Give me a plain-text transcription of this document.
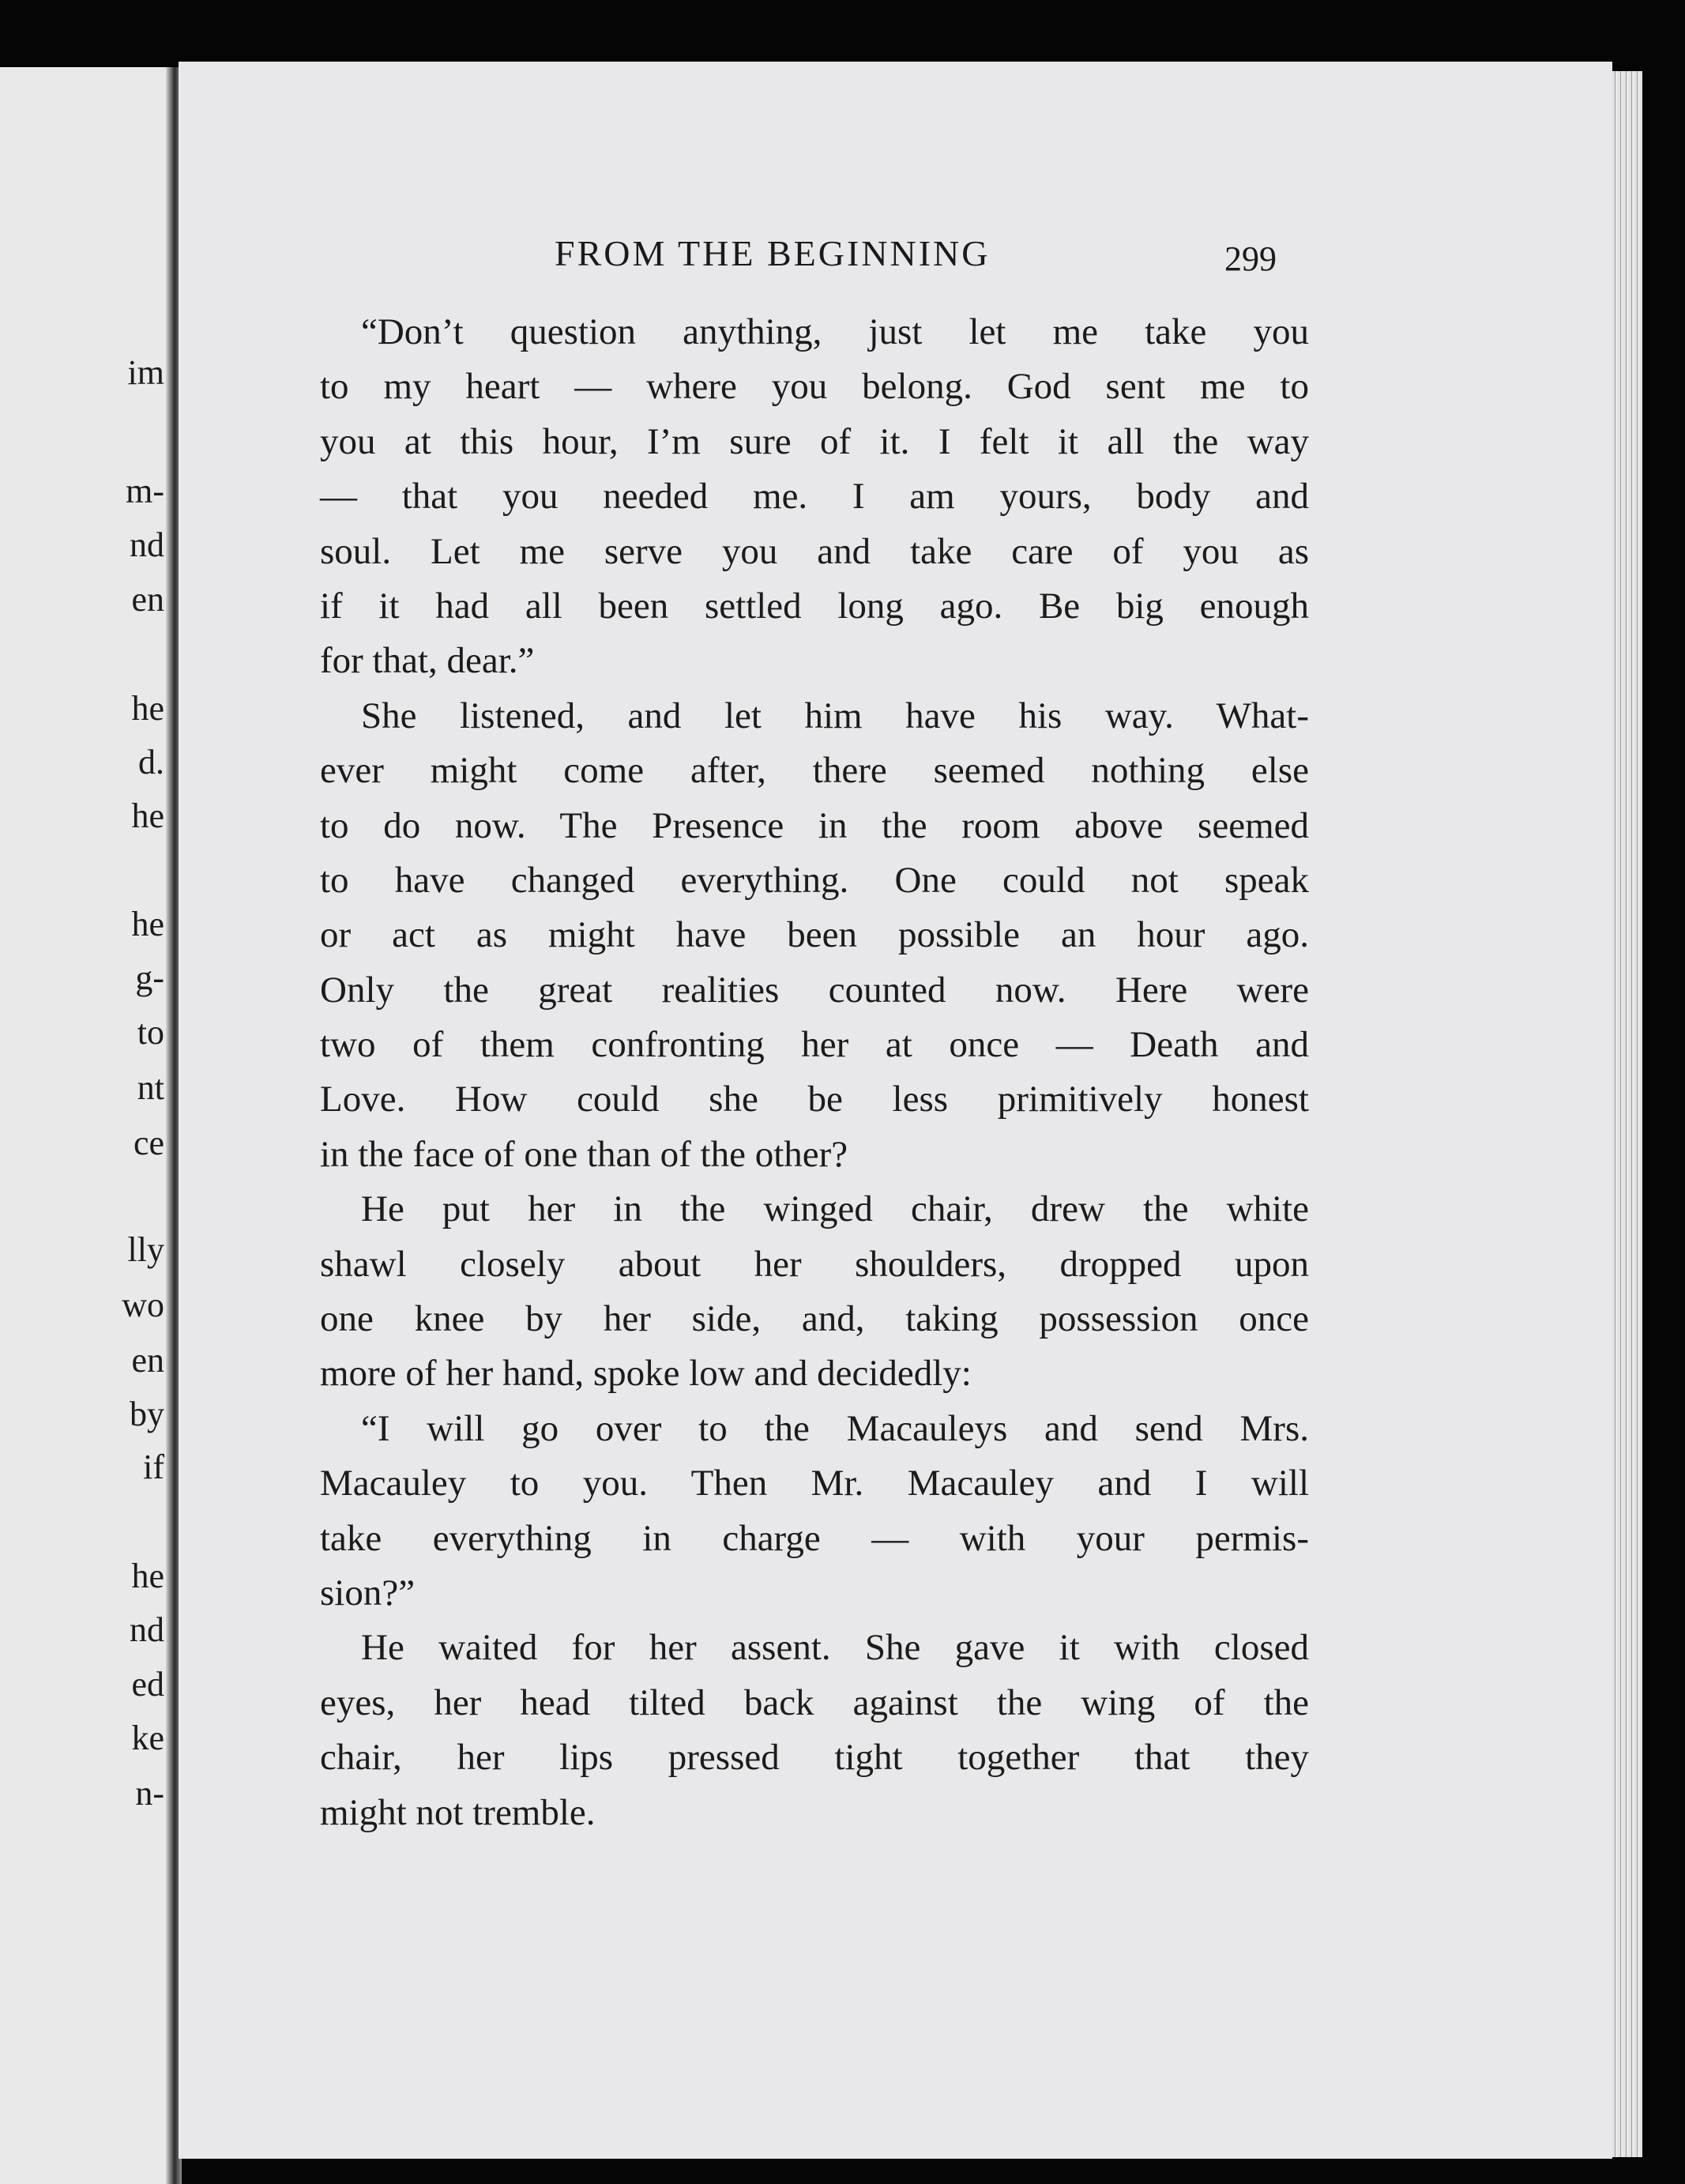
im
m-
nd
en
he
d.
he
he
g-
to
nt
ce
lly
wo
en
by
if
he
nd
ed
ke
n-
FROM THE BEGINNING	299
“Don’t question anything, just let me take you
to my heart — where you belong. God sent me to
you at this hour, I’m sure of it. I felt it all the way
— that you needed me. I am yours, body and
soul. Let me serve you and take care of you as
if it had all been settled long ago. Be big enough
for that, dear.”
She listened, and let him have his way. What-
ever might come after, there seemed nothing else
to do now. The Presence in the room above seemed
to have changed everything. One could not speak
or act as might have been possible an hour ago.
Only the great realities counted now. Here were
two of them confronting her at once — Death and
Love. How could she be less primitively honest
in the face of one than of the other?
He put her in the winged chair, drew the white
shawl closely about her shoulders, dropped upon
one knee by her side, and, taking possession once
more of her hand, spoke low and decidedly:
“I will go over to the Macauleys and send Mrs.
Macauley to you. Then Mr. Macauley and I will
take everything in charge — with your permis-
sion?”
He waited for her assent. She gave it with closed
eyes, her head tilted back against the wing of the
chair, her lips pressed tight together that they
might not tremble.
